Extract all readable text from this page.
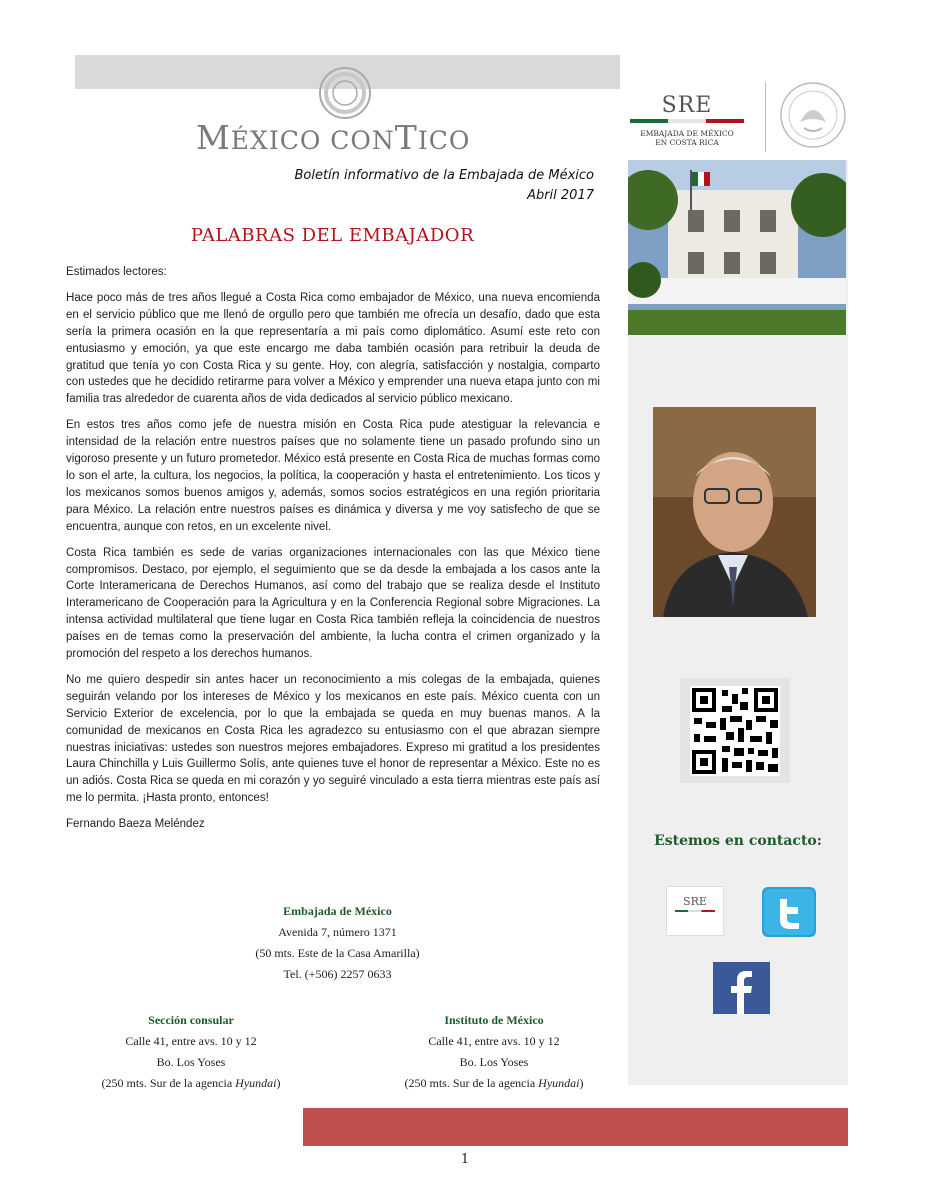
MÉXICO CONTICO
Boletín informativo de la Embajada de México
Abril 2017
SRE
EMBAJADA DE MÉXICO
EN COSTA RICA
Estemos en contacto:
SRE
PALABRAS DEL EMBAJADOR

Estimados lectores:

Hace poco más de tres años llegué a Costa Rica como embajador de México, una nueva encomienda en el servicio público que me llenó de orgullo pero que también me ofrecía un desafío, dado que esta sería la primera ocasión en la que representaría a mi país como diplomático. Asumí este reto con entusiasmo y emoción, ya que este encargo me daba también ocasión para retribuir la deuda de gratitud que tenía yo con Costa Rica y su gente. Hoy, con alegría, satisfacción y nostalgia, comparto con ustedes que he decidido retirarme para volver a México y emprender una nueva etapa junto con mi familia tras alrededor de cuarenta años de vida dedicados al servicio público mexicano.

En estos tres años como jefe de nuestra misión en Costa Rica pude atestiguar la relevancia e intensidad de la relación entre nuestros países que no solamente tiene un pasado profundo sino un vigoroso presente y un futuro prometedor. México está presente en Costa Rica de muchas formas como lo son el arte, la cultura, los negocios, la política, la cooperación y hasta el entretenimiento. Los ticos y los mexicanos somos buenos amigos y, además, somos socios estratégicos en una región prioritaria para México. La relación entre nuestros países es dinámica y diversa y me voy satisfecho de que se encuentra, aunque con retos, en un excelente nivel.

Costa Rica también es sede de varias organizaciones internacionales con las que México tiene compromisos. Destaco, por ejemplo, el seguimiento que se da desde la embajada a los casos ante la Corte Interamericana de Derechos Humanos, así como del trabajo que se realiza desde el Instituto Interamericano de Cooperación para la Agricultura y en la Conferencia Regional sobre Migraciones. La intensa actividad multilateral que tiene lugar en Costa Rica también refleja la coincidencia de nuestros países en de temas como la preservación del ambiente, la lucha contra el crimen organizado y la promoción del respeto a los derechos humanos.

No me quiero despedir sin antes hacer un reconocimiento a mis colegas de la embajada, quienes seguirán velando por los intereses de México y los mexicanos en este país. México cuenta con un Servicio Exterior de excelencia, por lo que la embajada se queda en muy buenas manos. A la comunidad de mexicanos en Costa Rica les agradezco su entusiasmo con el que abrazan siempre nuestras iniciativas: ustedes son nuestros mejores embajadores. Expreso mi gratitud a los presidentes Laura Chinchilla y Luis Guillermo Solís, ante quienes tuve el honor de representar a México. Este no es un adiós. Costa Rica se queda en mi corazón y yo seguiré vinculado a esta tierra mientras este país así me lo permita. ¡Hasta pronto, entonces!

Fernando Baeza Meléndez

Embajada de México
Avenida 7, número 1371
(50 mts. Este de la Casa Amarilla)
Tel. (+506) 2257 0633
Sección consular
Calle 41, entre avs. 10 y 12
Bo. Los Yoses
(250 mts. Sur de la agencia Hyundai)
Instituto de México
Calle 41, entre avs. 10 y 12
Bo. Los Yoses
(250 mts. Sur de la agencia Hyundai)
1
